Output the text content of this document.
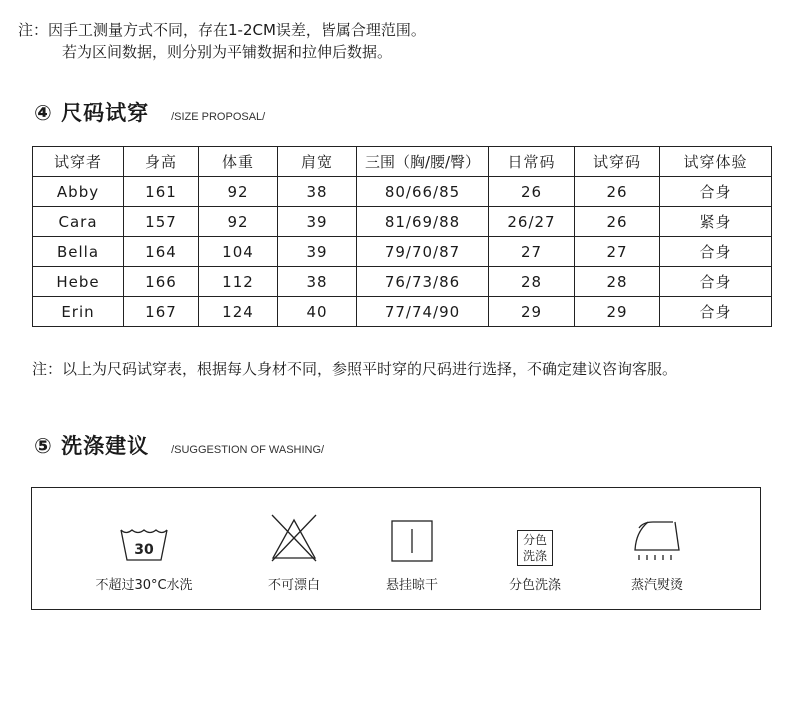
注：因手工测量方式不同，存在1-2CM误差，皆属合理范围。
若为区间数据，则分别为平铺数据和拉伸后数据。
④ 尺码试穿 /SIZE PROPOSAL/
试穿者	身高	体重	肩宽	三围（胸/腰/臀）	日常码	试穿码	试穿体验
Abby	161	92	38	80/66/85	26	26	合身
Cara	157	92	39	81/69/88	26/27	26	紧身
Bella	164	104	39	79/70/87	27	27	合身
Hebe	166	112	38	76/73/86	28	28	合身
Erin	167	124	40	77/74/90	29	29	合身
注：以上为尺码试穿表，根据每人身材不同，参照平时穿的尺码进行选择，不确定建议咨询客服。
⑤ 洗涤建议 /SUGGESTION OF WASHING/
30
不超过30°C水洗	不可漂白	悬挂晾干
分色
洗涤
分色洗涤	蒸汽熨烫
